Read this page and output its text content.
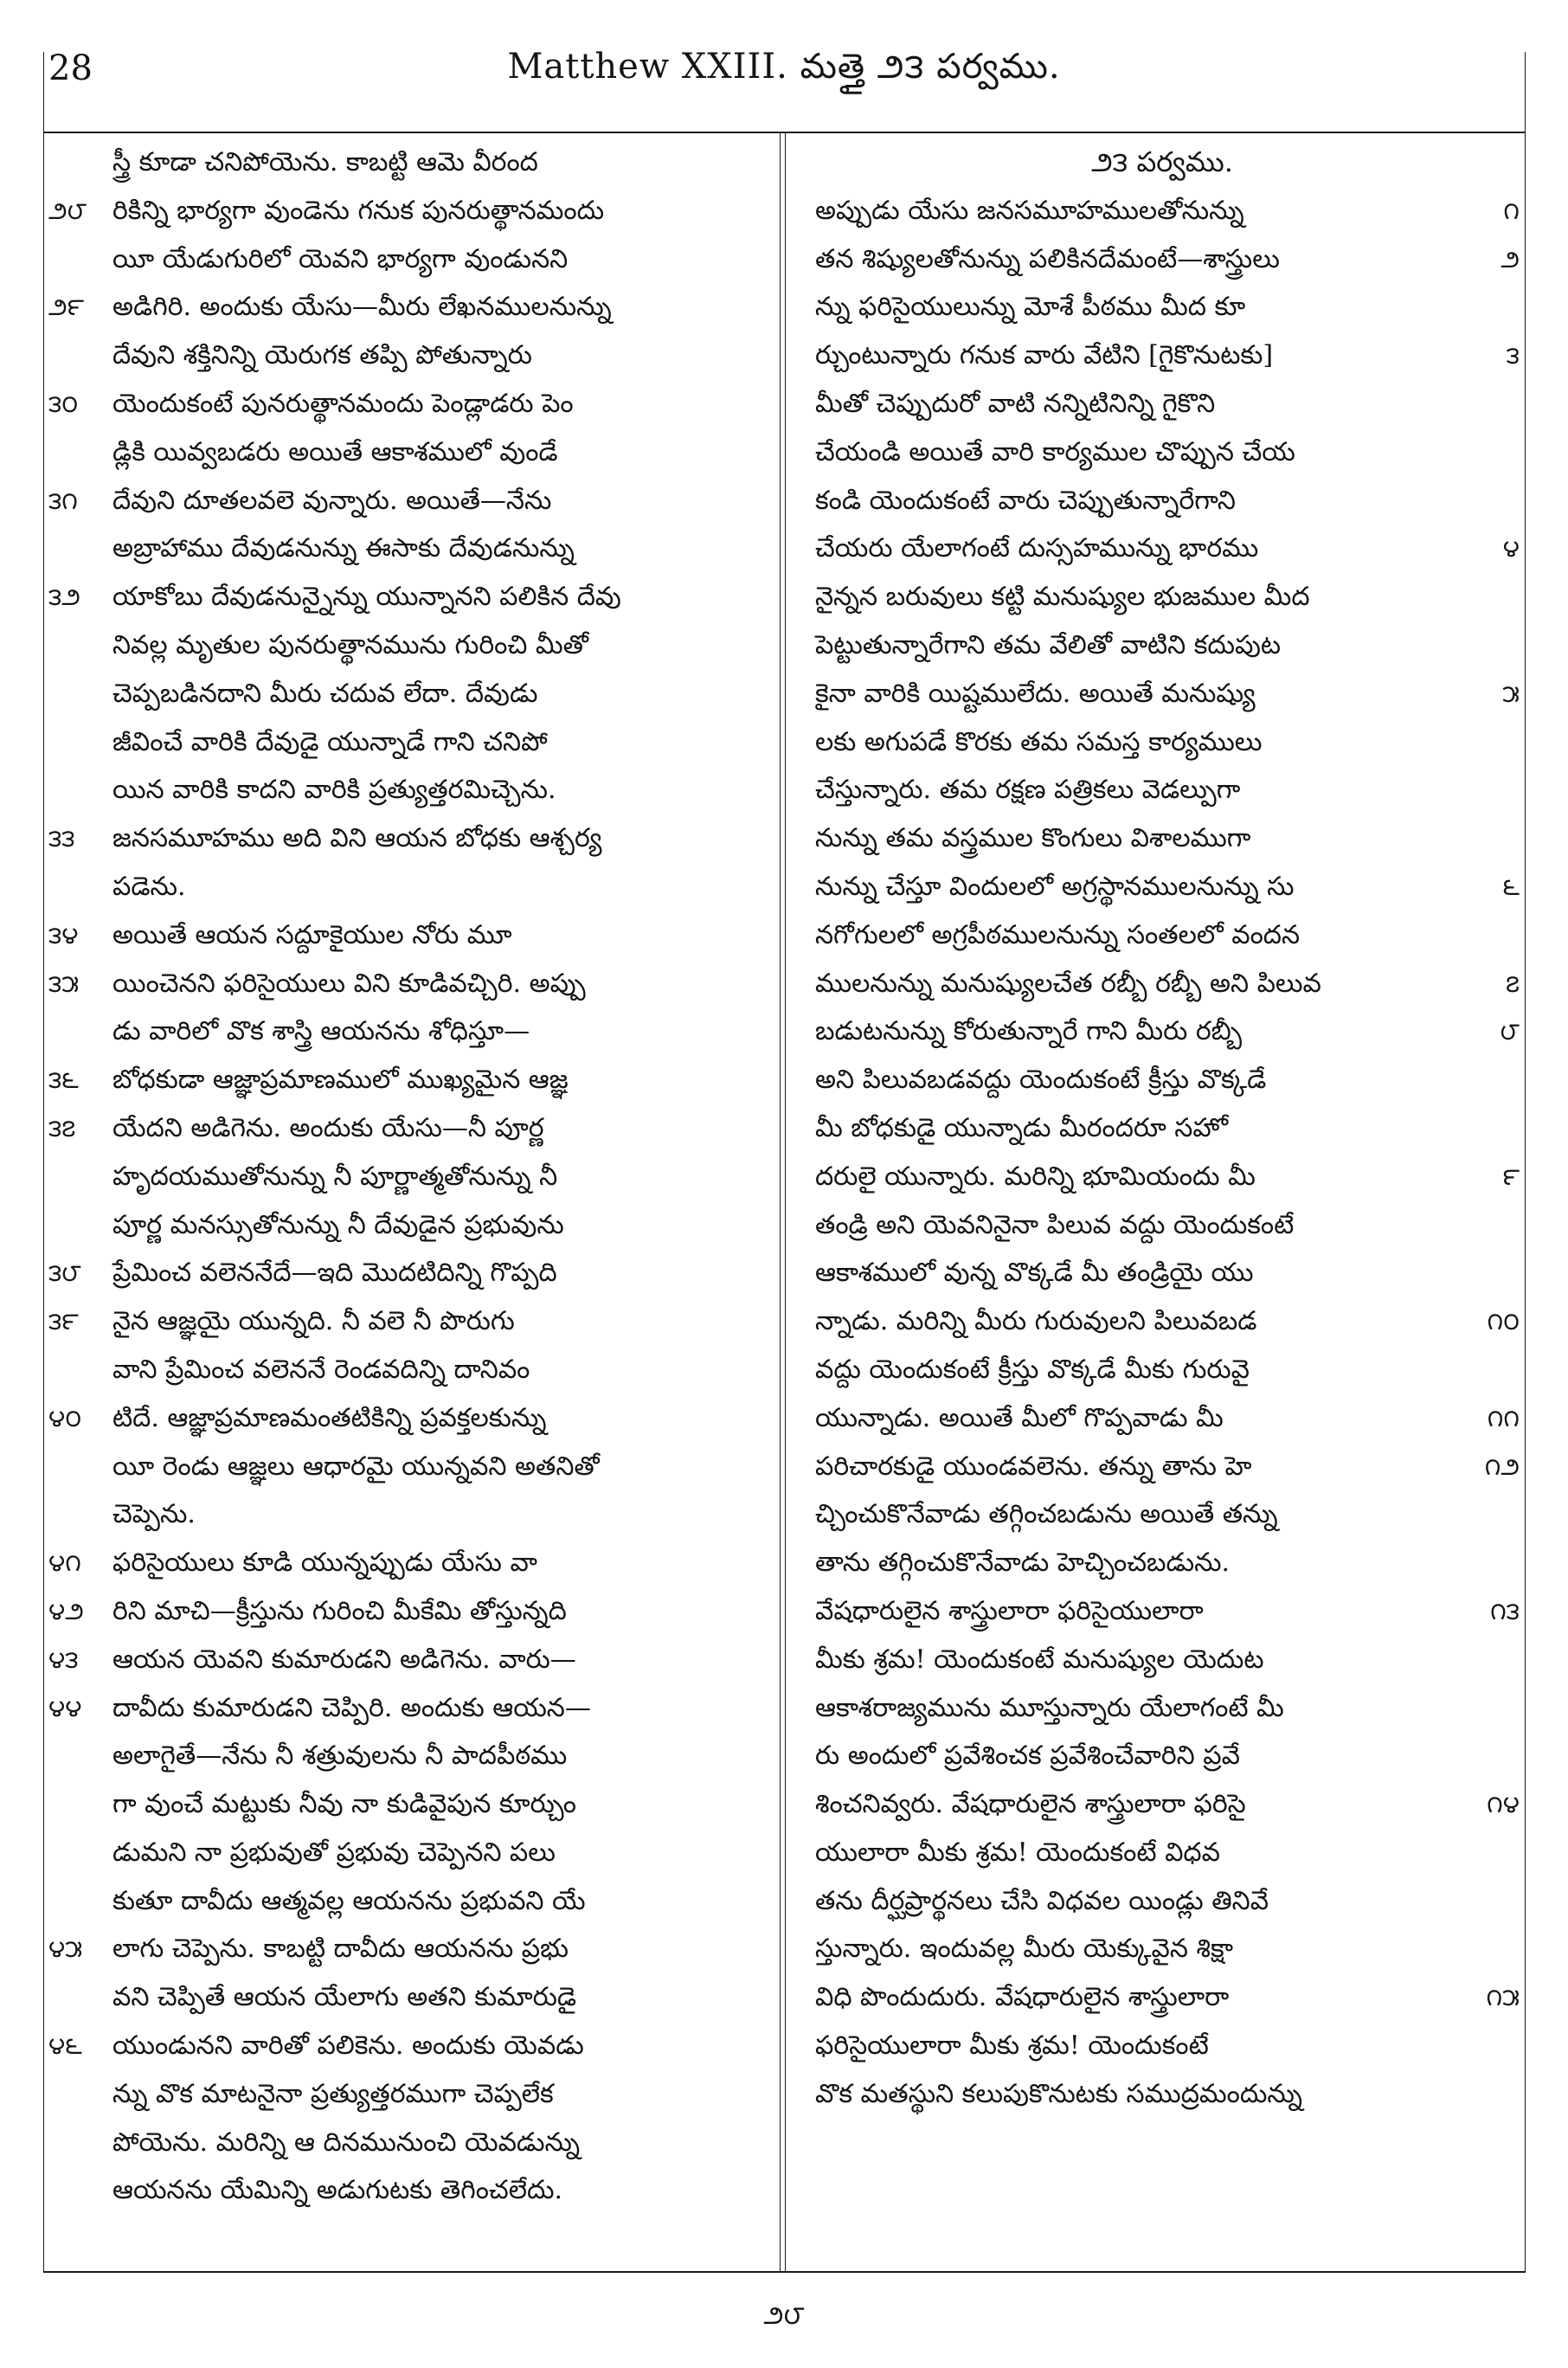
28	Matthew XXIII. మత్తై ౨౩ పర్వము.
స్త్రీ కూడా చనిపోయెను. కాబట్టి ఆమె వీరంద
౨౮ రికిన్ని భార్యగా వుండెను గనుక పునరుత్థానమందు
యీ యేడుగురిలో యెవని భార్యగా వుండునని
౨౯	అడిగిరి. అందుకు యేసు—మీరు లేఖనములనున్ను
దేవుని శక్తినిన్ని యెరుగక తప్పి పోతున్నారు
౩౦	యెందుకంటే పునరుత్థానమందు పెండ్లాడరు పెం
డ్లికి యివ్వబడరు అయితే ఆకాశములో వుండే
౩౧	దేవుని దూతలవలె వున్నారు. అయితే—నేను
అబ్రాహాము దేవుడనున్ను ఈసాకు దేవుడనున్ను
౩౨	యాకోబు దేవుడనున్నైన్ను యున్నానని పలికిన దేవు
నివల్ల మృతుల పునరుత్థానమును గురించి మీతో
చెప్పబడినదాని మీరు చదువ లేదా. దేవుడు
జీవించే వారికి దేవుడై యున్నాడే గాని చనిపో
యిన వారికి కాదని వారికి ప్రత్యుత్తరమిచ్చెను.
౩౩	జనసమూహము అది విని ఆయన బోధకు ఆశ్చర్య
పడెను.
౩౪	అయితే ఆయన సద్దూకైయుల నోరు మూ
౩౫	యించెనని ఫరిసైయులు విని కూడివచ్చిరి. అప్పు
డు వారిలో వొక శాస్త్రి ఆయనను శోధిస్తూ—
౩౬	బోధకుడా ఆజ్ఞాప్రమాణములో ముఖ్యమైన ఆజ్ఞ
౩౭	యేదని అడిగెను. అందుకు యేసు—నీ పూర్ణ
హృదయముతోనున్ను నీ పూర్ణాత్మతోనున్ను నీ
పూర్ణ మనస్సుతోనున్ను నీ దేవుడైన ప్రభువును
౩౮	ప్రేమించ వలెననేదే—ఇది మొదటిదిన్ని గొప్పది
౩౯	నైన ఆజ్ఞయై యున్నది. నీ వలె నీ పొరుగు
వాని ప్రేమించ వలెననే రెండవదిన్ని దానివం
౪౦	టిదే. ఆజ్ఞాప్రమాణమంతటికిన్ని ప్రవక్తలకున్ను
యీ రెండు ఆజ్ఞలు ఆధారమై యున్నవని అతనితో
చెప్పెను.
౪౧	ఫరిసైయులు కూడి యున్నప్పుడు యేసు వా
౪౨	రిని మాచి—క్రీస్తును గురించి మీకేమి తోస్తున్నది
౪౩	ఆయన యెవని కుమారుడని అడిగెను. వారు—
౪౪	దావీదు కుమారుడని చెప్పిరి. అందుకు ఆయన—
అలాగైతే—నేను నీ శత్రువులను నీ పాదపీఠము
గా వుంచే మట్టుకు నీవు నా కుడివైపున కూర్చుం
డుమని నా ప్రభువుతో ప్రభువు చెప్పెనని పలు
కుతూ దావీదు ఆత్మవల్ల ఆయనను ప్రభువని యే
౪౫	లాగు చెప్పెను. కాబట్టి దావీదు ఆయనను ప్రభు
వని చెప్పితే ఆయన యేలాగు అతని కుమారుడై
౪౬	యుండునని వారితో పలికెను. అందుకు యెవడు
న్ను వొక మాటనైనా ప్రత్యుత్తరముగా చెప్పలేక
పోయెను. మరిన్ని ఆ దినమునుంచి యెవడున్ను
ఆయనను యేమిన్ని అడుగుటకు తెగించలేదు.
౨౩ పర్వము.
౧
అప్పుడు యేసు జనసమూహములతోనున్ను
౨
తన శిష్యులతోనున్ను పలికినదేమంటే—శాస్త్రులు
న్ను ఫరిసైయులున్ను మోశే పీఠము మీద కూ
౩
ర్చుంటున్నారు గనుక వారు వేటిని [గైకొనుటకు]
మీతో చెప్పుదురో వాటి నన్నిటినిన్ని గైకొని
చేయండి అయితే వారి కార్యముల చొప్పున చేయ
కండి యెందుకంటే వారు చెప్పుతున్నారేగాని
౪
చేయరు యేలాగంటే దుస్సహమున్ను భారము
నైన్నన బరువులు కట్టి మనుష్యుల భుజముల మీద
పెట్టుతున్నారేగాని తమ వేలితో వాటిని కదుపుట
౫
కైనా వారికి యిష్టములేదు. అయితే మనుష్యు
లకు అగుపడే కొరకు తమ సమస్త కార్యములు
చేస్తున్నారు. తమ రక్షణ పత్రికలు వెడల్పుగా
నున్ను తమ వస్త్రముల కొంగులు విశాలముగా
౬
నున్ను చేస్తూ విందులలో అగ్రస్థానములనున్ను సు
నగోగులలో అగ్రపీఠములనున్ను సంతలలో వందన
౭
ములనున్ను మనుష్యులచేత రబ్బీ రబ్బీ అని పిలువ
౮
బడుటనున్ను కోరుతున్నారే గాని మీరు రబ్బీ
అని పిలువబడవద్దు యెందుకంటే క్రీస్తు వొక్కడే
మీ బోధకుడై యున్నాడు మీరందరూ సహో
౯
దరులై యున్నారు. మరిన్ని భూమియందు మీ
తండ్రి అని యెవనినైనా పిలువ వద్దు యెందుకంటే
ఆకాశములో వున్న వొక్కడే మీ తండ్రియై యు
౧౦
న్నాడు. మరిన్ని మీరు గురువులని పిలువబడ
వద్దు యెందుకంటే క్రీస్తు వొక్కడే మీకు గురువై
౧౧
యున్నాడు. అయితే మీలో గొప్పవాడు మీ
౧౨
పరిచారకుడై యుండవలెను. తన్ను తాను హె
చ్చించుకొనేవాడు తగ్గించబడును అయితే తన్ను
తాను తగ్గించుకొనేవాడు హెచ్చించబడును.
౧౩
వేషధారులైన శాస్త్రులారా ఫరిసైయులారా
మీకు శ్రమ! యెందుకంటే మనుష్యుల యెదుట
ఆకాశరాజ్యమును మూస్తున్నారు యేలాగంటే మీ
రు అందులో ప్రవేశించక ప్రవేశించేవారిని ప్రవే
౧౪
శించనివ్వరు. వేషధారులైన శాస్త్రులారా ఫరిసై
యులారా మీకు శ్రమ! యెందుకంటే విధవ
తను దీర్ఘప్రార్థనలు చేసి విధవల యిండ్లు తినివే
స్తున్నారు. ఇందువల్ల మీరు యెక్కువైన శిక్షా
౧౫
విధి పొందుదురు. వేషధారులైన శాస్త్రులారా
ఫరిసైయులారా మీకు శ్రమ! యెందుకంటే
వొక మతస్థుని కలుపుకొనుటకు సముద్రమందున్ను
౨౮
